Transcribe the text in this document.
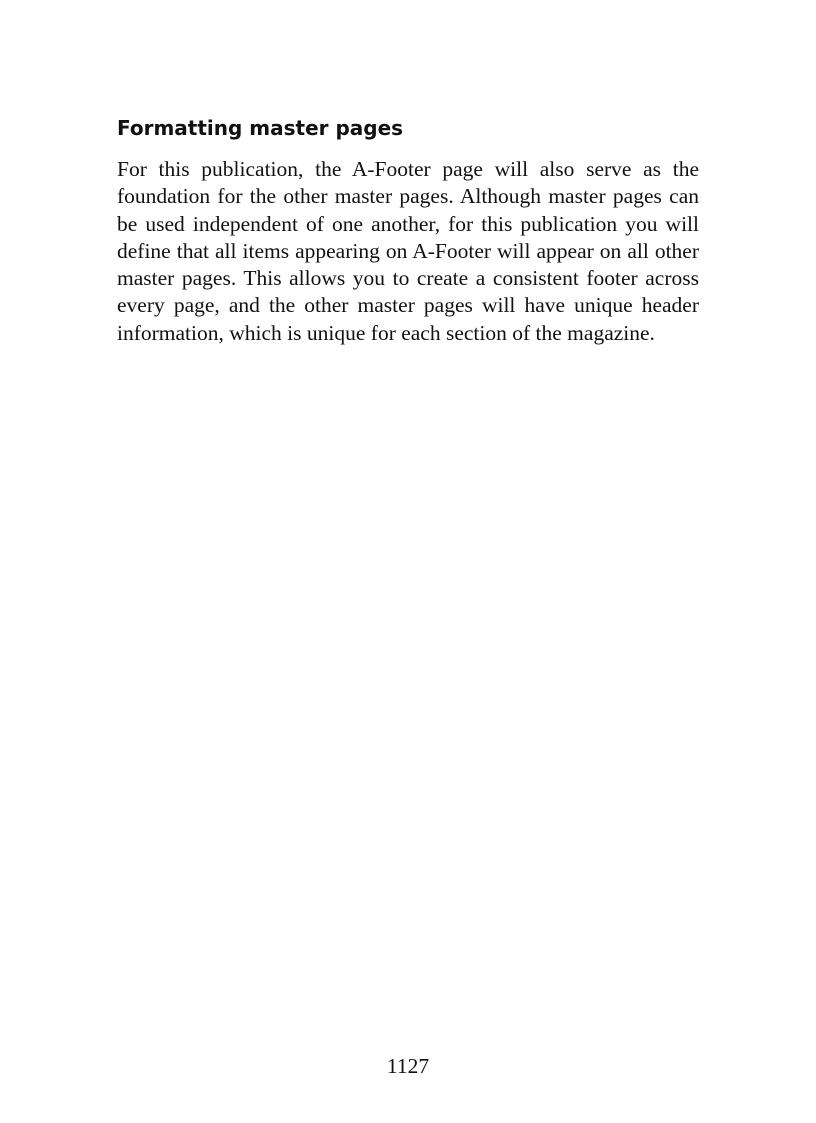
Formatting master pages

For this publication, the A-Footer page will also serve as the foundation for the other master pages. Although master pages can be used independent of one another, for this publication you will define that all items appearing on A-Footer will appear on all other master pages. This allows you to create a consistent footer across every page, and the other master pages will have unique header information, which is unique for each section of the magazine.

1127
